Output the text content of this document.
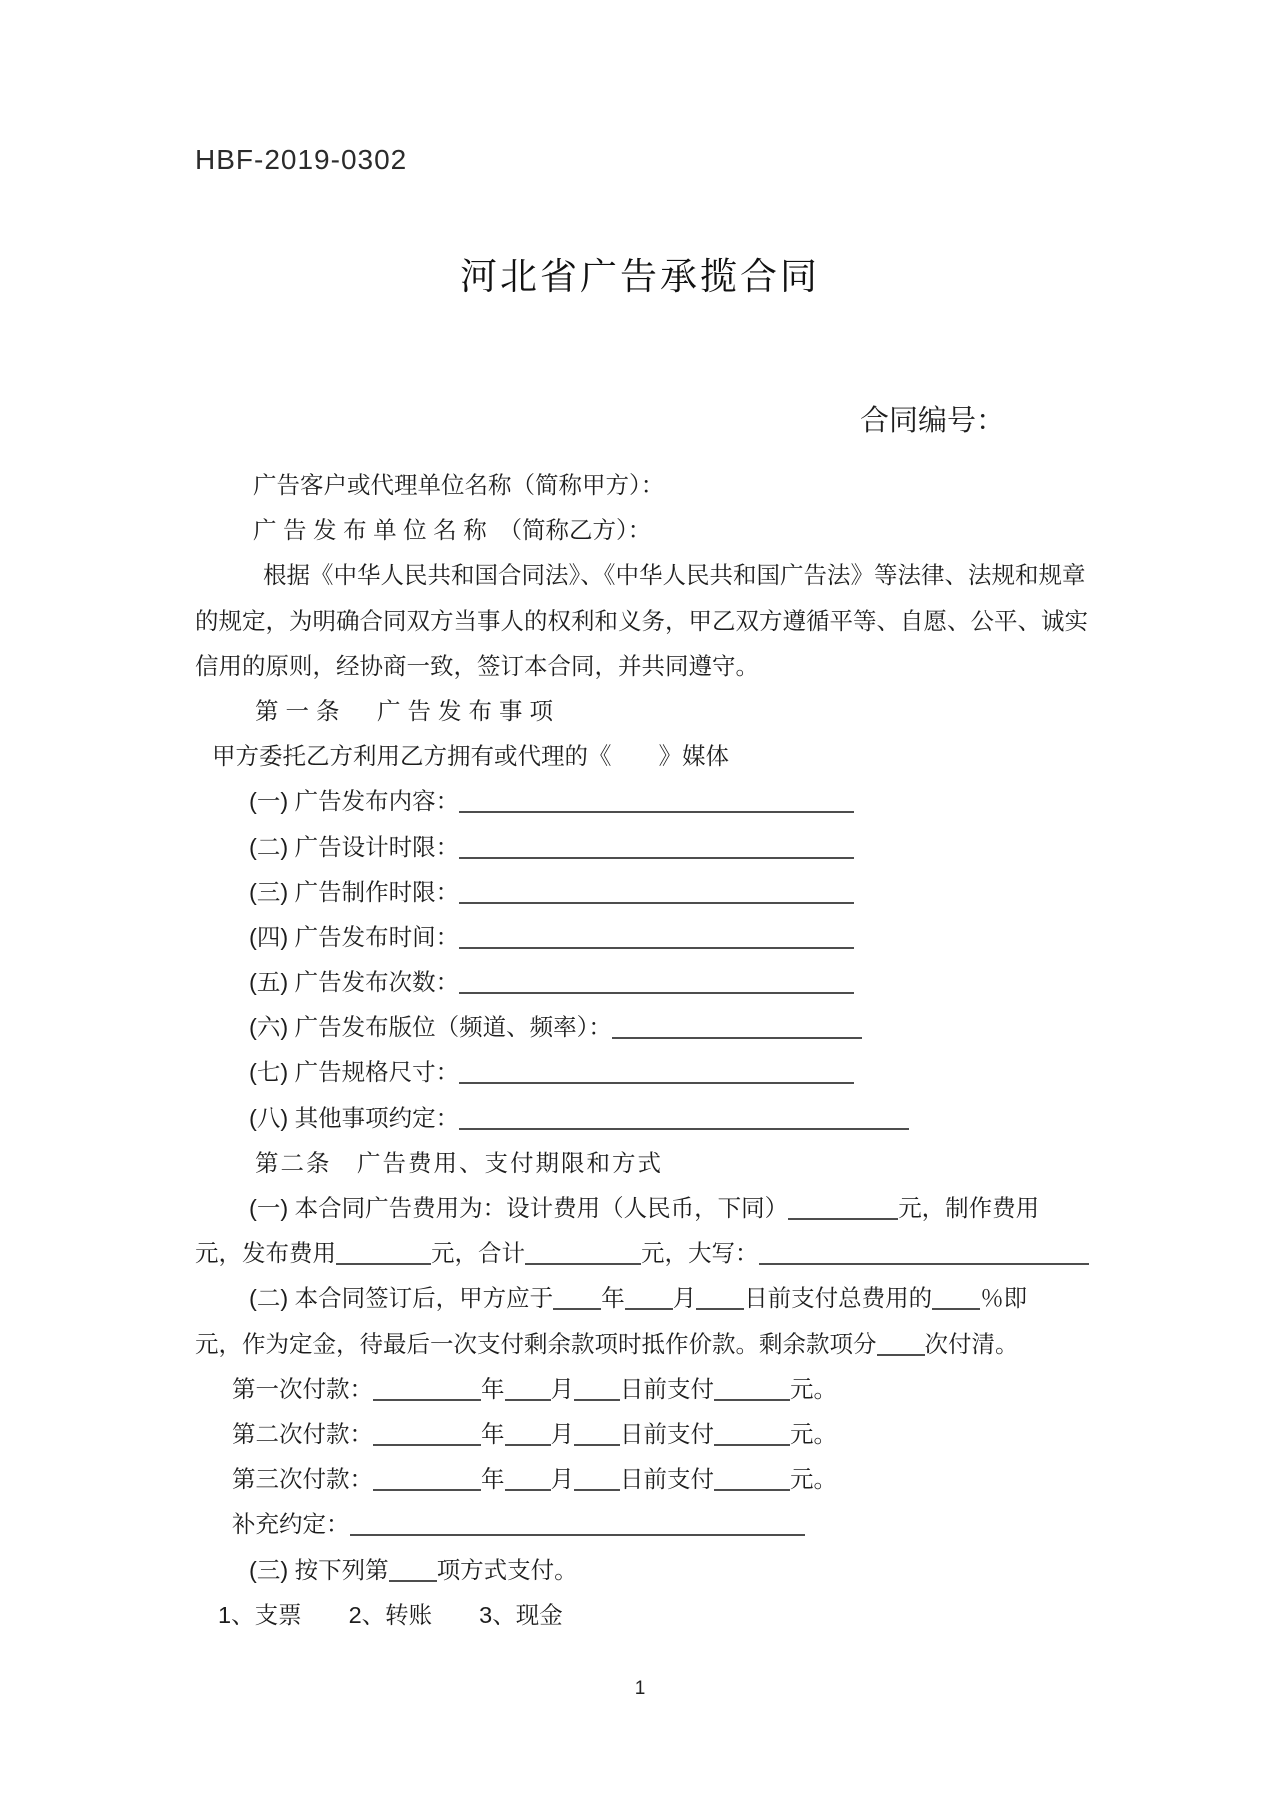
HBF-2019-0302
河北省广告承揽合同
合同编号：
广告客户或代理单位名称（简称甲方）：
广 告 发 布 单 位 名 称　（简称乙方）：
根据《中华人民共和国合同法》、《中华人民共和国广告法》等法律、法规和规章
的规定，为明确合同双方当事人的权利和义务，甲乙双方遵循平等、自愿、公平、诚实
信用的原则，经协商一致，签订本合同，并共同遵守。
第一条　广告发布事项
甲方委托乙方利用乙方拥有或代理的《　　》媒体
(一) 广告发布内容：
(二) 广告设计时限：
(三) 广告制作时限：
(四) 广告发布时间：
(五) 广告发布次数：
(六) 广告发布版位（频道、频率）：
(七) 广告规格尺寸：
(八) 其他事项约定：
第二条　广告费用、支付期限和方式
(一) 本合同广告费用为：设计费用（人民币，下同）	元，制作费用
元，发布费用	元，合计	元，大写：
(二) 本合同签订后，甲方应于 年 月 日前支付总费用的 ％即
元，作为定金，待最后一次支付剩余款项时抵作价款。剩余款项分 次付清。
第一次付款：	年 月 日前支付	元。
第二次付款：	年 月 日前支付	元。
第三次付款：	年 月 日前支付	元。
补充约定：
(三) 按下列第 项方式支付。
1、支票　　2、转账　　3、现金
1
